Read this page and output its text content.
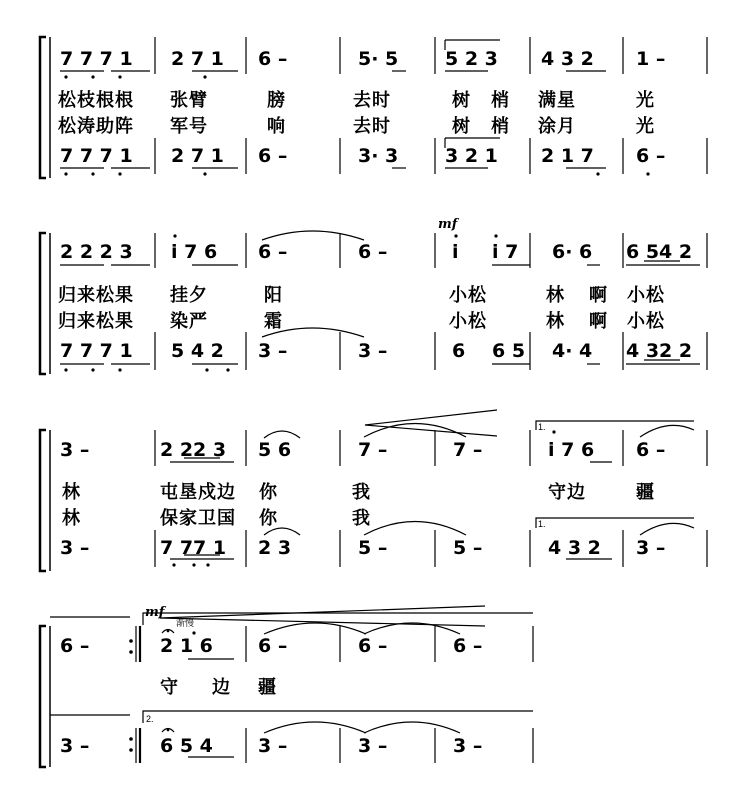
7 7 7 1 2 7 1 6 –	5· 5 5 2 3 4 3 2 1 –
松枝根根 张臂	膀	去时	树 梢 满星	光
松涛助阵 军号	响	去时	树 梢 涂月	光
7 7 7 1 2 7 1 6 –	3· 3 3 2 1 2 1 7 6 –
mf
2 2 2 3 i 7 6 6 –	6 –	i i 7 6· 6 6 54 2
归来松果 挂夕	阳	小松	林 啊 小松
归来松果 染严	霜	小松	林 啊 小松
7 7 7 1 5 4 2 3 –	3 –	6 6 5 4· 4 4 32 2
1.
1.
3 –	2 22 3 5 6	7 –	7 –	i 7 6 6 –
林	屯垦戍边 你	我	守边	疆
林	保家卫国 你	我
3 –	7 77 1 2 3	5 –	5 –	4 3 2 3 –
mf
渐慢
2.
6 –	2 1 6 6 –	6 –	6 –
守 边 疆
3 –	6 5 4 3 –	3 –	3 –
